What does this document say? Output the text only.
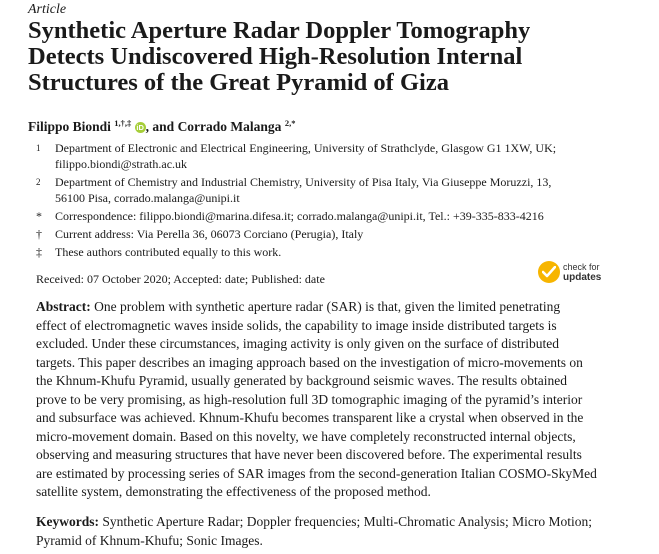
Article
Synthetic Aperture Radar Doppler Tomography
Detects Undiscovered High-Resolution Internal
Structures of the Great Pyramid of Giza
Filippo Biondi $^{1,\dagger,\ddagger}$ iD , and Corrado Malanga $^{2,*}$
1 Department of Electronic and Electrical Engineering, University of Strathclyde, Glasgow G1 1XW, UK;
filippo.biondi@strath.ac.uk
2 Department of Chemistry and Industrial Chemistry, University of Pisa Italy, Via Giuseppe Moruzzi, 13,
56100 Pisa, corrado.malanga@unipi.it
* Correspondence: filippo.biondi@marina.difesa.it; corrado.malanga@unipi.it, Tel.: +39-335-833-4216
† Current address: Via Perella 36, 06073 Corciano (Perugia), Italy
‡ These authors contributed equally to this work.
Received: 07 October 2020; Accepted: date; Published: date
check for
updates
Abstract: One problem with synthetic aperture radar (SAR) is that, given the limited penetrating
effect of electromagnetic waves inside solids, the capability to image inside distributed targets is
excluded. Under these circumstances, imaging activity is only given on the surface of distributed
targets. This paper describes an imaging approach based on the investigation of micro-movements on
the Khnum-Khufu Pyramid, usually generated by background seismic waves. The results obtained
prove to be very promising, as high-resolution full 3D tomographic imaging of the pyramid’s interior
and subsurface was achieved. Khnum-Khufu becomes transparent like a crystal when observed in the
micro-movement domain. Based on this novelty, we have completely reconstructed internal objects,
observing and measuring structures that have never been discovered before. The experimental results
are estimated by processing series of SAR images from the second-generation Italian COSMO-SkyMed
satellite system, demonstrating the effectiveness of the proposed method.
Keywords: Synthetic Aperture Radar; Doppler frequencies; Multi-Chromatic Analysis; Micro Motion;
Pyramid of Khnum-Khufu; Sonic Images.
